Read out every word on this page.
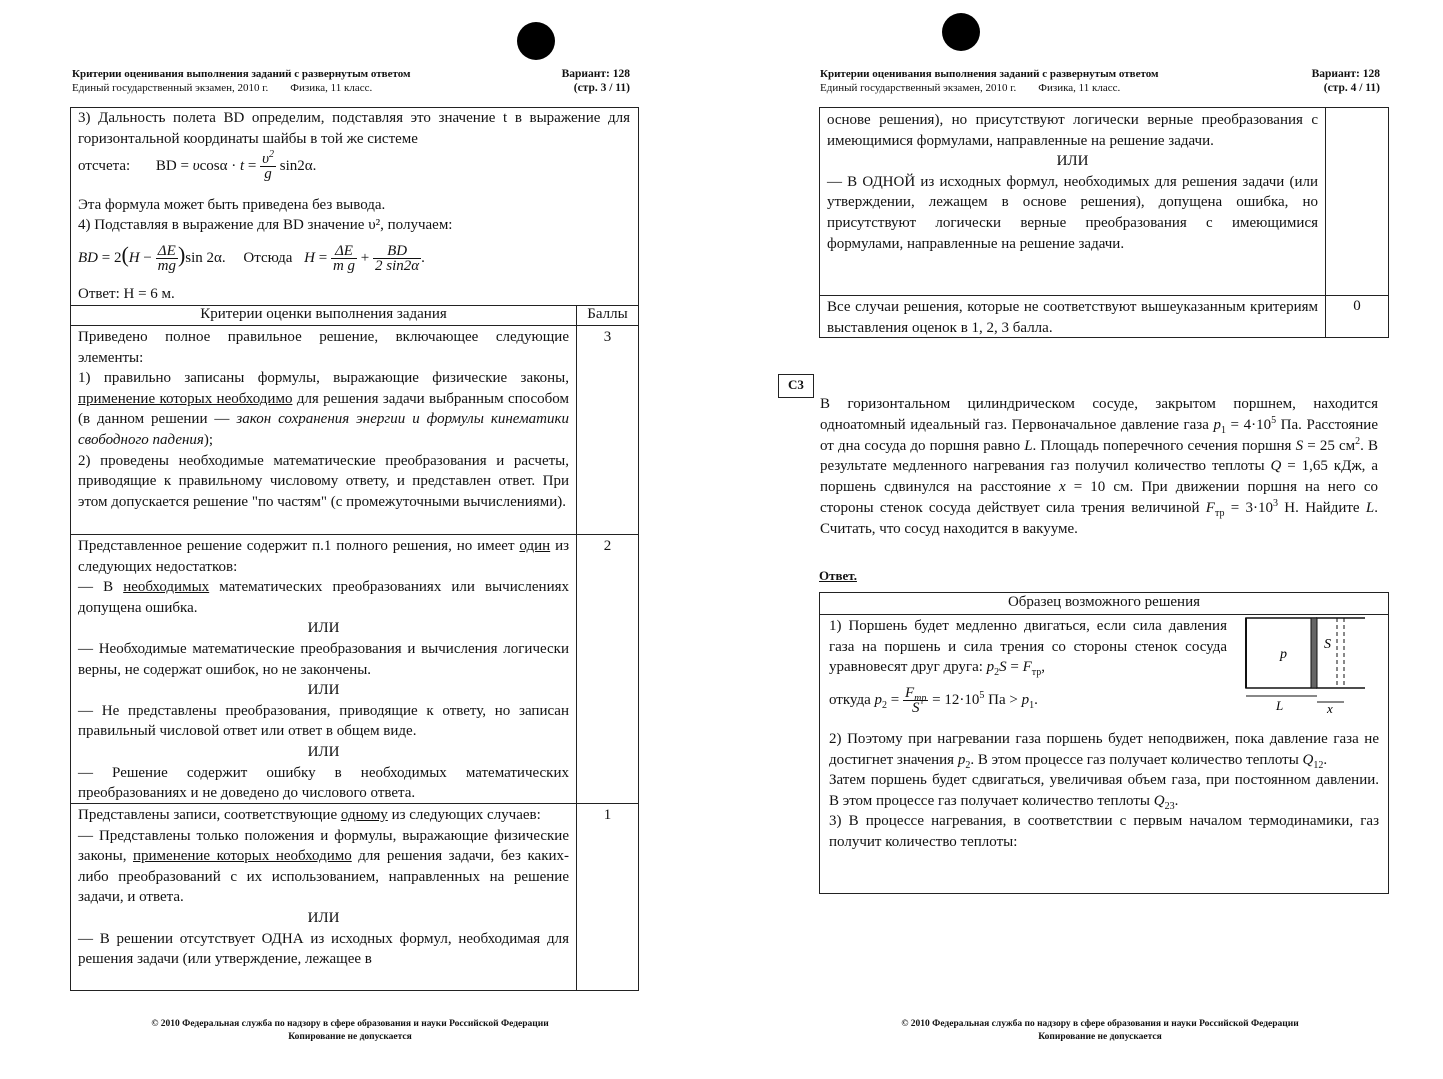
Критерии оценивания выполнения заданий с развернутым ответом
Единый государственный экзамен, 2010 г.        Физика, 11 класс.
Вариант: 128
(стр. 3 / 11)
3) Дальность полета BD определим, подставляя это значение t в выражение для горизонтальной координаты шайбы в той же системе
отсчета: BD = $\upsilon\cos\alpha \cdot t = \frac{\upsilon^2}{g} \sin 2\alpha$.
Эта формула может быть приведена без вывода.
4) Подставляя в выражение для BD значение υ², получаем:
BD = $2(H - \frac{\Delta E}{mg} )\sin$ 2α. Отсюда $H = \frac{\Delta E}{\text{m g}} + \frac{BD}{2 \sin 2\alpha}$ .
Ответ: H = 6 м.
Критерии оценки выполнения задания	Баллы
Приведено полное правильное решение, включающее следующие элементы:
1) правильно записаны формулы, выражающие физические законы, применение которых необходимо для решения задачи выбранным способом (в данном решении — закон сохранения энергии и формулы кинематики свободного падения);
2) проведены необходимые математические преобразования и расчеты, приводящие к правильному числовому ответу, и представлен ответ. При этом допускается решение "по частям" (с промежуточными вычислениями).
3
Представленное решение содержит п.1 полного решения, но имеет один из следующих недостатков:
— В необходимых математических преобразованиях или вычислениях допущена ошибка.
ИЛИ
— Необходимые математические преобразования и вычисления логически верны, не содержат ошибок, но не закончены.
ИЛИ
— Не представлены преобразования, приводящие к ответу, но записан правильный числовой ответ или ответ в общем виде.
ИЛИ
— Решение содержит ошибку в необходимых математических преобразованиях и не доведено до числового ответа.
2
Представлены записи, соответствующие одному из следующих случаев:
— Представлены только положения и формулы, выражающие физические законы, применение которых необходимо для решения задачи, без каких-либо преобразований с их использованием, направленных на решение задачи, и ответа.
ИЛИ
— В решении отсутствует ОДНА из исходных формул, необходимая для решения задачи (или утверждение, лежащее в
1
© 2010 Федеральная служба по надзору в сфере образования и науки Российской Федерации
Копирование не допускается
Критерии оценивания выполнения заданий с развернутым ответом
Единый государственный экзамен, 2010 г.        Физика, 11 класс.
Вариант: 128
(стр. 4 / 11)
основе решения), но присутствуют логически верные преобразования с имеющимися формулами, направленные на решение задачи.
ИЛИ
— В ОДНОЙ из исходных формул, необходимых для решения задачи (или утверждении, лежащем в основе решения), допущена ошибка, но присутствуют логически верные преобразования с имеющимися формулами, направленные на решение задачи.
Все случаи решения, которые не соответствуют вышеуказанным критериям выставления оценок в 1, 2, 3 балла.
0
C3
В горизонтальном цилиндрическом сосуде, закрытом поршнем, находится одноатомный идеальный газ. Первоначальное давление газа $p_1 = 4\cdot 10^5$ Па. Расстояние от дна сосуда до поршня равно L. Площадь поперечного сечения поршня S = 25 $см^2$. В результате медленного нагревания газ получил количество теплоты Q = 1,65 кДж, а поршень сдвинулся на расстояние x = 10 см. При движении поршня на него со стороны стенок сосуда действует сила трения величиной $F_{тр} = 3\cdot 10^3$ Н. Найдите L. Считать, что сосуд находится в вакууме.
Ответ.
Образец возможного решения
1) Поршень будет медленно двигаться, если сила давления газа на поршень и сила трения со стороны стенок сосуда уравновесят друг друга: $p_2S = F_{тр}$,
откуда $p_2 = \frac{F_{тр}}{S} = 12\cdot 10^5$ Па > $p_1$.
p
S
L	x
2) Поэтому при нагревании газа поршень будет неподвижен, пока давление газа не достигнет значения $p_2$. В этом процессе газ получает количество теплоты $Q_{12}$.
Затем поршень будет сдвигаться, увеличивая объем газа, при постоянном давлении. В этом процессе газ получает количество теплоты $Q_{23}$.
3) В процессе нагревания, в соответствии с первым началом термодинамики, газ получит количество теплоты:
© 2010 Федеральная служба по надзору в сфере образования и науки Российской Федерации
Копирование не допускается
